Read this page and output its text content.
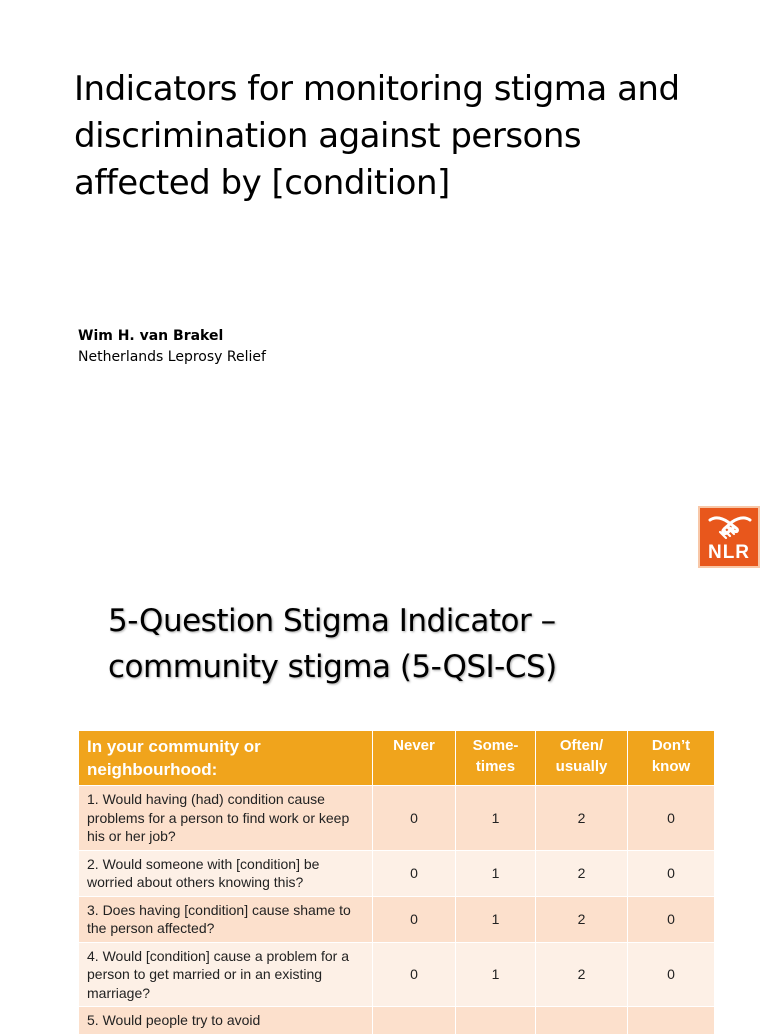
Indicators for monitoring stigma and discrimination against persons affected by [condition]
Wim H. van Brakel
Netherlands Leprosy Relief
NLR
5-Question Stigma Indicator – community stigma (5-QSI-CS)
In your community or neighbourhood:	Never	Some-times	Often/ usually	Don’t know
1. Would having (had) condition cause problems for a person to find work or keep his or her job?	0	1	2	0
2. Would someone with [condition] be worried about others knowing this?	0	1	2	0
3. Does having [condition] cause shame to the person affected?	0	1	2	0
4. Would [condition] cause a problem for a person to get married or in an existing marriage?	0	1	2	0
5. Would people try to avoid				
